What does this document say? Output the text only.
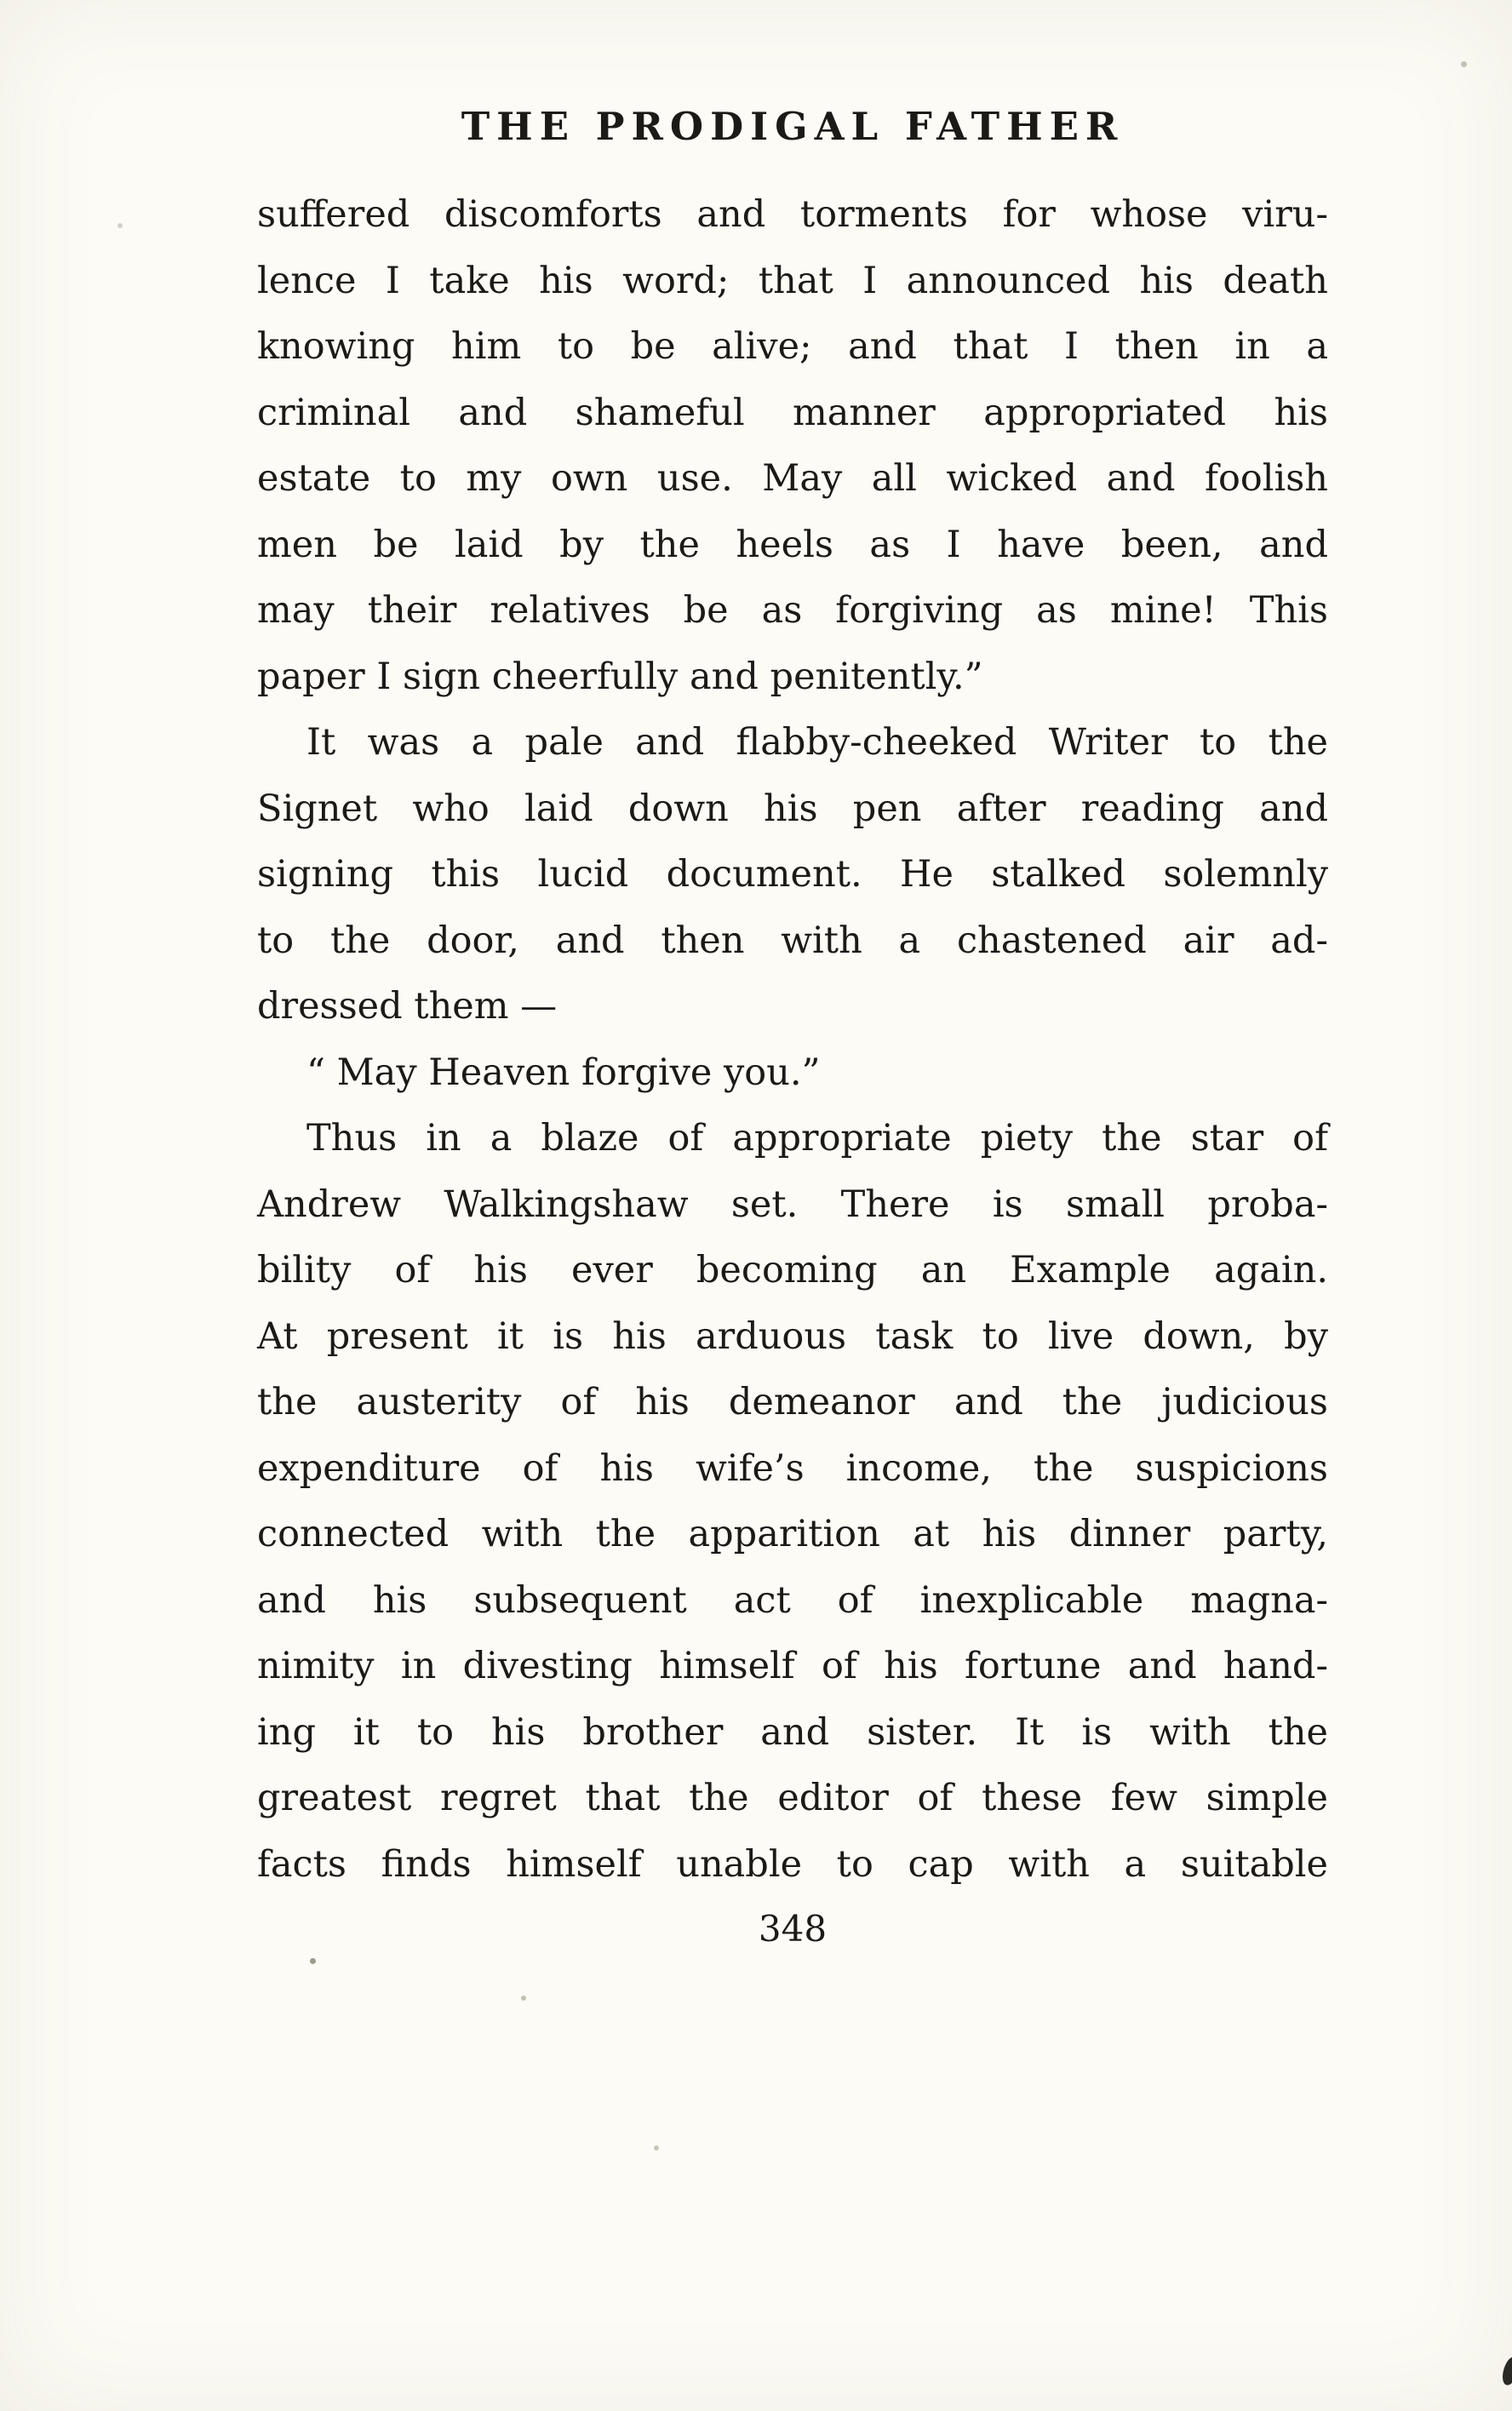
THE PRODIGAL FATHER
suffered discomforts and torments for whose viru-
lence I take his word; that I announced his death
knowing him to be alive; and that I then in a
criminal and shameful manner appropriated his
estate to my own use. May all wicked and foolish
men be laid by the heels as I have been, and
may their relatives be as forgiving as mine! This
paper I sign cheerfully and penitently.”
It was a pale and flabby-cheeked Writer to the
Signet who laid down his pen after reading and
signing this lucid document. He stalked solemnly
to the door, and then with a chastened air ad-
dressed them —
“ May Heaven forgive you.”
Thus in a blaze of appropriate piety the star of
Andrew Walkingshaw set. There is small proba-
bility of his ever becoming an Example again.
At present it is his arduous task to live down, by
the austerity of his demeanor and the judicious
expenditure of his wife’s income, the suspicions
connected with the apparition at his dinner party,
and his subsequent act of inexplicable magna-
nimity in divesting himself of his fortune and hand-
ing it to his brother and sister. It is with the
greatest regret that the editor of these few simple
facts finds himself unable to cap with a suitable
348
